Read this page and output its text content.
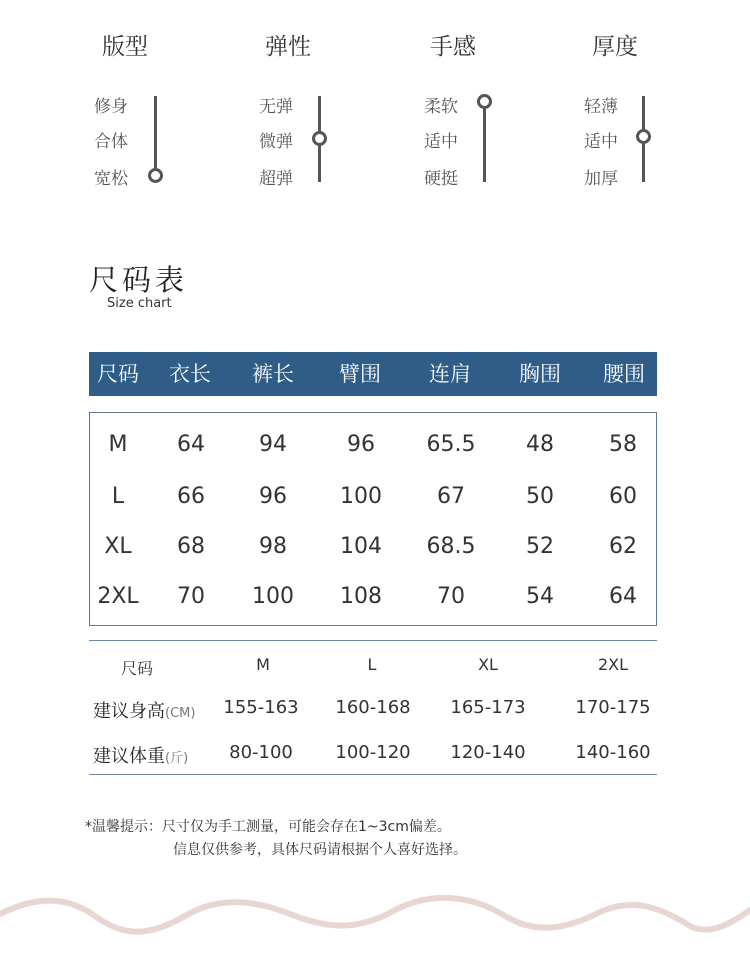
版型
修身
合体
宽松
弹性
无弹
微弹
超弹
手感
柔软
适中
硬挺
厚度
轻薄
适中
加厚
尺码表
Size chart
尺码 衣长 裤长 臂围 连肩 胸围 腰围
M 64 94	96 65.5 48	58
L 66 96 100	67	50	60
XL 68 98 104 68.5 52	62
2XL 70 100 108	70	54	64
尺码	M	L	XL	2XL
建议身高(CM) 155-163 160-168 165-173	170-175
建议体重(斤) 80-100 100-120 120-140	140-160
*温馨提示：尺寸仅为手工测量，可能会存在1~3cm偏差。
信息仅供参考，具体尺码请根据个人喜好选择。
